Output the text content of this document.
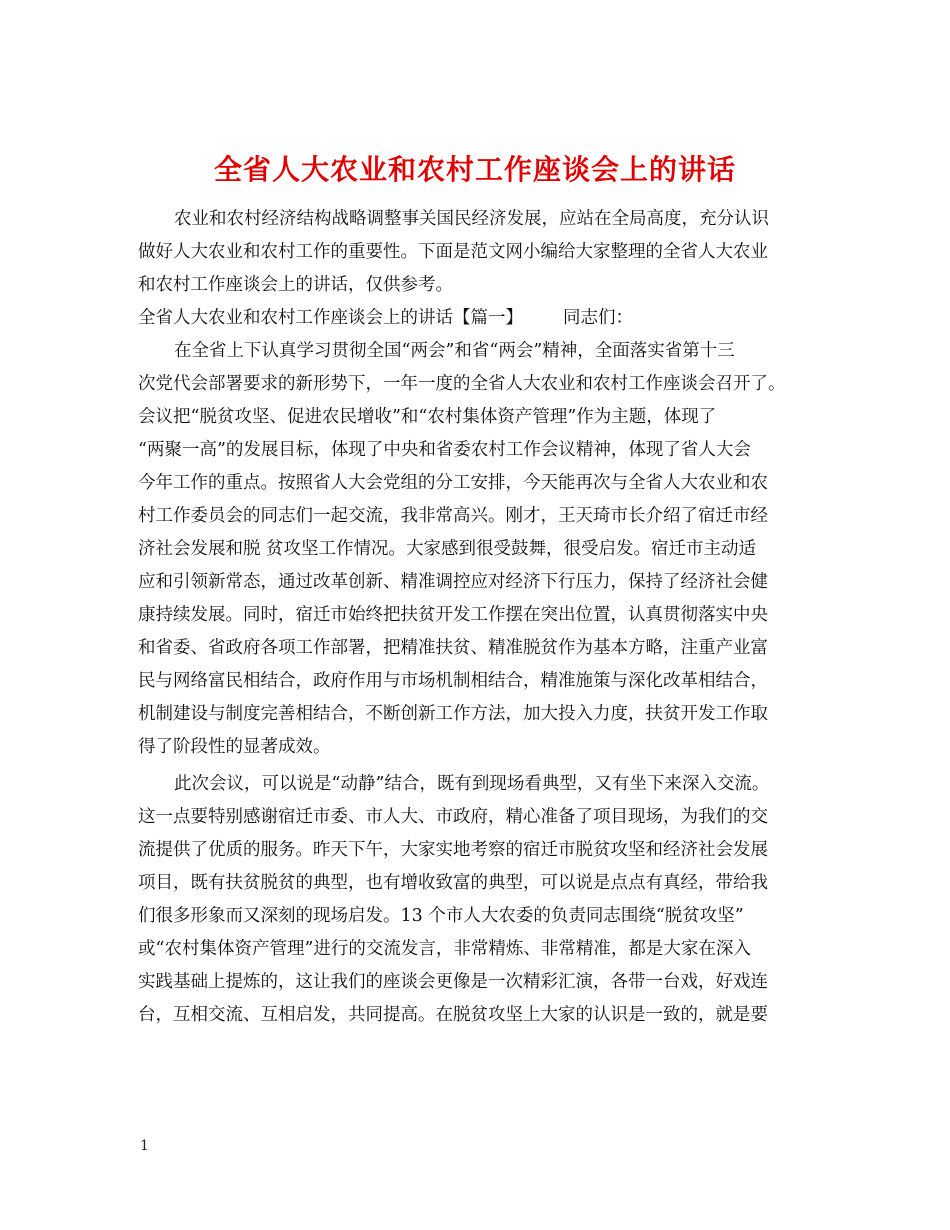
全省人大农业和农村工作座谈会上的讲话
农业和农村经济结构战略调整事关国民经济发展，应站在全局高度，充分认识
做好人大农业和农村工作的重要性。下面是范文网小编给大家整理的全省人大农业
和农村工作座谈会上的讲话，仅供参考。
全省人大农业和农村工作座谈会上的讲话【篇一】 同志们：
在全省上下认真学习贯彻全国“两会”和省“两会”精神，全面落实省第十三
次党代会部署要求的新形势下，一年一度的全省人大农业和农村工作座谈会召开了。
会议把“脱贫攻坚、促进农民增收”和“农村集体资产管理”作为主题，体现了
“两聚一高”的发展目标，体现了中央和省委农村工作会议精神，体现了省人大会
今年工作的重点。按照省人大会党组的分工安排，今天能再次与全省人大农业和农
村工作委员会的同志们一起交流，我非常高兴。刚才，王天琦市长介绍了宿迁市经
济社会发展和脱 贫攻坚工作情况。大家感到很受鼓舞，很受启发。宿迁市主动适
应和引领新常态，通过改革创新、精准调控应对经济下行压力，保持了经济社会健
康持续发展。同时，宿迁市始终把扶贫开发工作摆在突出位置，认真贯彻落实中央
和省委、省政府各项工作部署，把精准扶贫、精准脱贫作为基本方略，注重产业富
民与网络富民相结合，政府作用与市场机制相结合，精准施策与深化改革相结合，
机制建设与制度完善相结合，不断创新工作方法，加大投入力度，扶贫开发工作取
得了阶段性的显著成效。
此次会议，可以说是“动静”结合，既有到现场看典型，又有坐下来深入交流。
这一点要特别感谢宿迁市委、市人大、市政府，精心准备了项目现场，为我们的交
流提供了优质的服务。昨天下午，大家实地考察的宿迁市脱贫攻坚和经济社会发展
项目，既有扶贫脱贫的典型，也有增收致富的典型，可以说是点点有真经，带给我
们很多形象而又深刻的现场启发。13 个市人大农委的负责同志围绕“脱贫攻坚”
或“农村集体资产管理”进行的交流发言，非常精炼、非常精准，都是大家在深入
实践基础上提炼的，这让我们的座谈会更像是一次精彩汇演，各带一台戏，好戏连
台，互相交流、互相启发，共同提高。在脱贫攻坚上大家的认识是一致的，就是要
1
